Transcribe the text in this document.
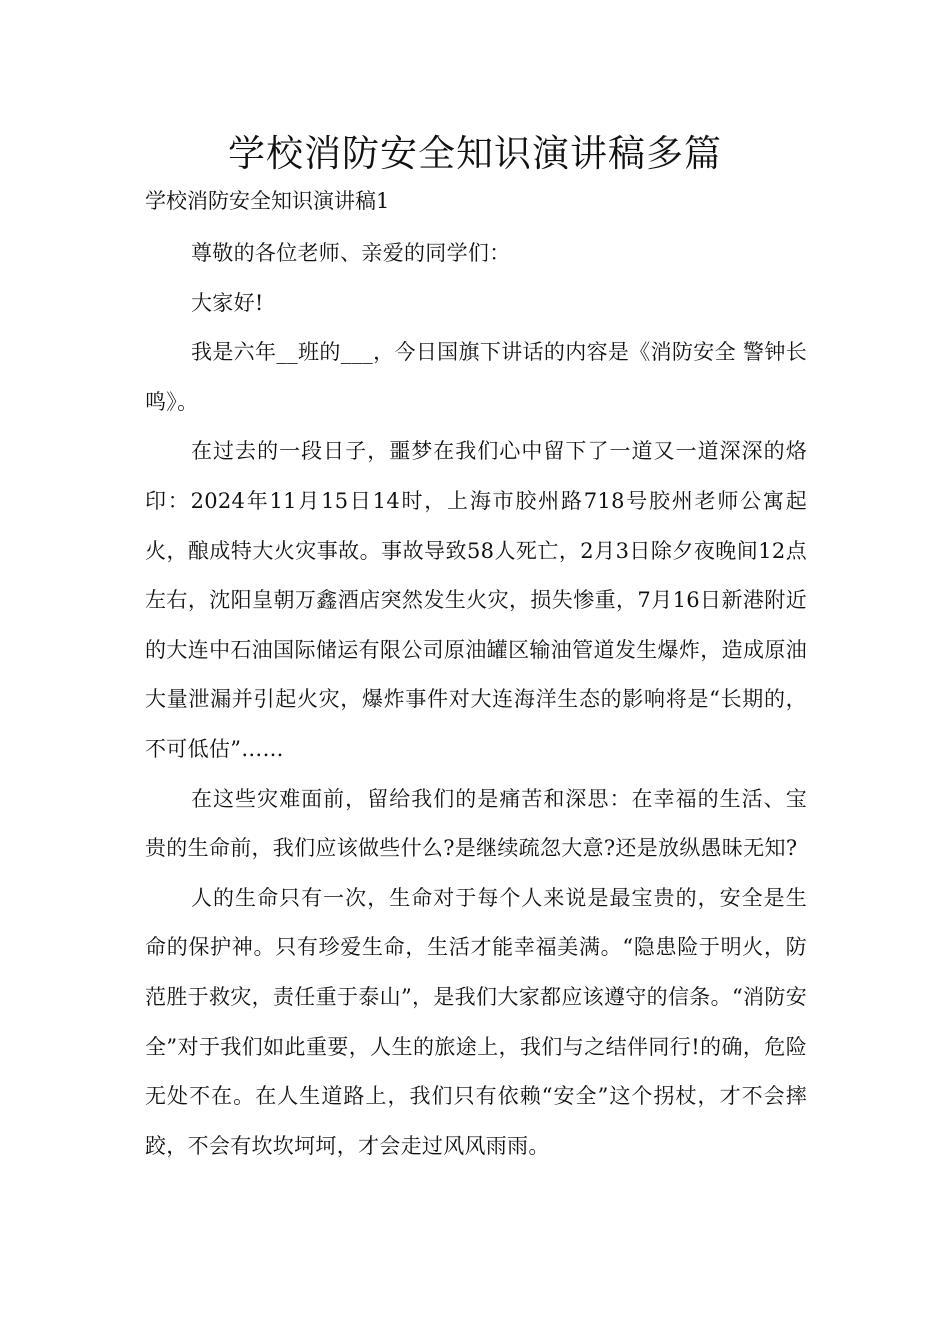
学校消防安全知识演讲稿多篇

学校消防安全知识演讲稿1

尊敬的各位老师、亲爱的同学们：

大家好!

我是六年__班的___，今日国旗下讲话的内容是《消防安全 警钟长鸣》。

在过去的一段日子，噩梦在我们心中留下了一道又一道深深的烙印：2024年11月15日14时，上海市胶州路718号胶州老师公寓起火，酿成特大火灾事故。事故导致58人死亡，2月3日除夕夜晚间12点左右，沈阳皇朝万鑫酒店突然发生火灾，损失惨重，7月16日新港附近的大连中石油国际储运有限公司原油罐区输油管道发生爆炸，造成原油大量泄漏并引起火灾，爆炸事件对大连海洋生态的影响将是“长期的，不可低估”……

在这些灾难面前，留给我们的是痛苦和深思：在幸福的生活、宝贵的生命前，我们应该做些什么?是继续疏忽大意?还是放纵愚昧无知?

人的生命只有一次，生命对于每个人来说是最宝贵的，安全是生命的保护神。只有珍爱生命，生活才能幸福美满。“隐患险于明火，防范胜于救灾，责任重于泰山”，是我们大家都应该遵守的信条。“消防安全”对于我们如此重要，人生的旅途上，我们与之结伴同行!的确，危险无处不在。在人生道路上，我们只有依赖“安全”这个拐杖，才不会摔跤，不会有坎坎坷坷，才会走过风风雨雨。
